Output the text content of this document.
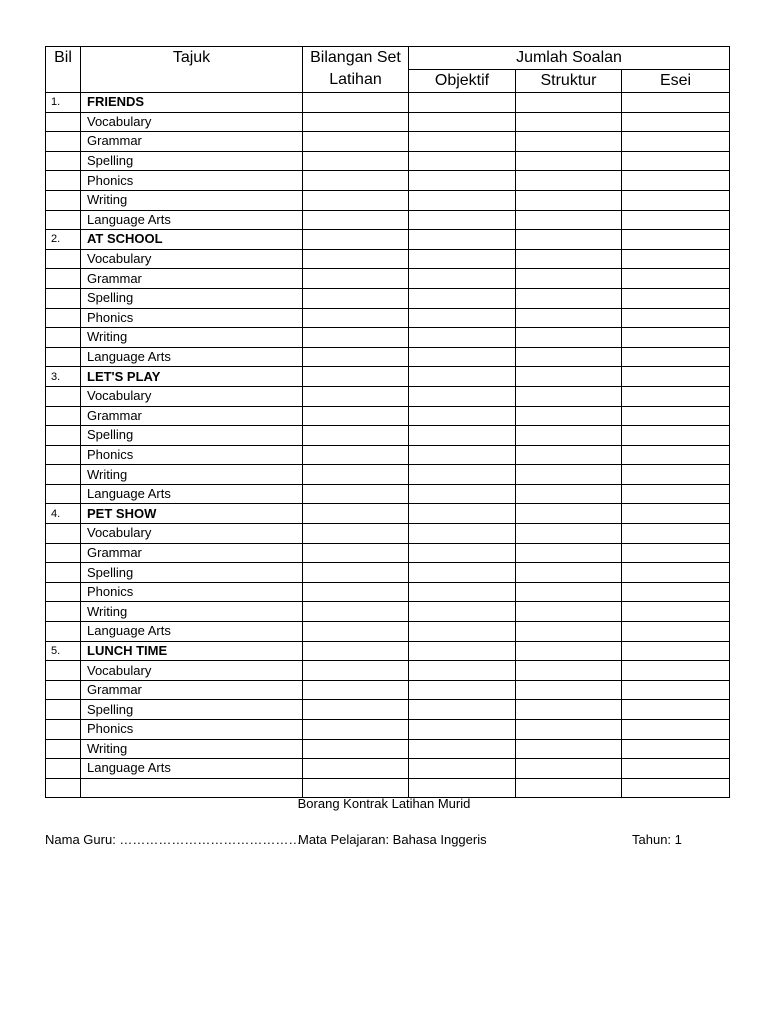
Bil	Tajuk	Bilangan Set Latihan	Jumlah Soalan		
			Objektif	Struktur	Esei
1.	FRIENDS				
	Vocabulary				
	Grammar				
	Spelling				
	Phonics				
	Writing				
	Language Arts				
2.	AT SCHOOL				
	Vocabulary				
	Grammar				
	Spelling				
	Phonics				
	Writing				
	Language Arts				
3.	LET'S PLAY				
	Vocabulary				
	Grammar				
	Spelling				
	Phonics				
	Writing				
	Language Arts				
4.	PET SHOW				
	Vocabulary				
	Grammar				
	Spelling				
	Phonics				
	Writing				
	Language Arts				
5.	LUNCH TIME				
	Vocabulary				
	Grammar				
	Spelling				
	Phonics				
	Writing				
	Language Arts				

Borang Kontrak Latihan Murid
Nama Guru: ……………………………………
Mata Pelajaran: Bahasa Inggeris	Tahun: 1
